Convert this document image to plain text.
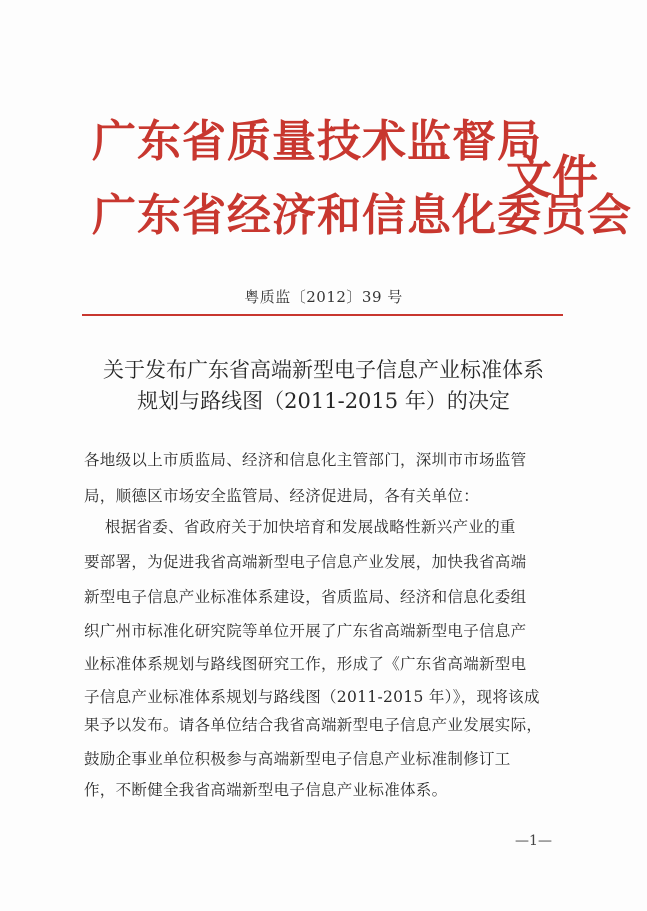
广东省质量技术监督局
广东省经济和信息化委员会
文件
粤质监〔2012〕39 号
关于发布广东省高端新型电子信息产业标准体系
规划与路线图（2011-2015 年）的决定
各地级以上市质监局、经济和信息化主管部门，深圳市市场监管
局，顺德区市场安全监管局、经济促进局，各有关单位：
根据省委、省政府关于加快培育和发展战略性新兴产业的重
要部署，为促进我省高端新型电子信息产业发展，加快我省高端
新型电子信息产业标准体系建设，省质监局、经济和信息化委组
织广州市标准化研究院等单位开展了广东省高端新型电子信息产
业标准体系规划与路线图研究工作，形成了《广东省高端新型电
子信息产业标准体系规划与路线图（2011-2015 年）》，现将该成
果予以发布。请各单位结合我省高端新型电子信息产业发展实际，
鼓励企事业单位积极参与高端新型电子信息产业标准制修订工
作，不断健全我省高端新型电子信息产业标准体系。
—1—
